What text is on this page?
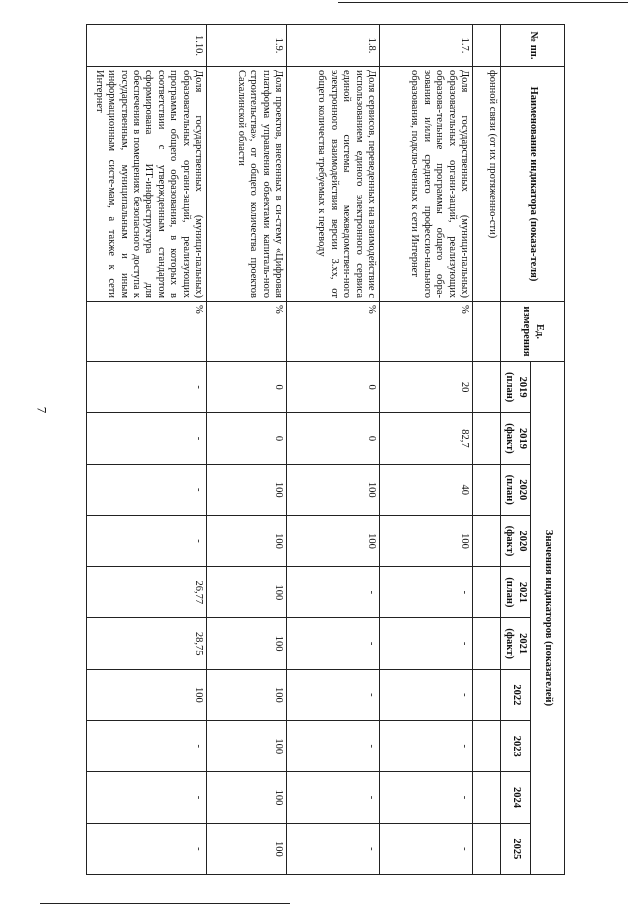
7
№ пп.	Наименование индикатора (показа-теля)	Ед. измерения	Значения индикаторов (показателей)									
			2019 (план)	2019 (факт)	2020 (план)	2020 (факт)	2021 (план)	2021 (факт)	2022	2023	2024	2025
	фонной связи (от их протяженно-сти)											
1.7.	Доля государственных (муници-пальных) образовательных органи-заций, реализующих образова-тельные программы общего обра-зования и/или среднего профессио-нального образования, подклю-ченных к сети Интернет	%	20	82,7	40	100	-	-	-	-	-	-
1.8.	Доля сервисов, переведенных на взаимодействие с использованием единого электронного сервиса единой системы межведомствен-ного электронного взаимодействия версии 3.хх, от общего количества требуемых к переводу	%	0	0	100	100	-	-	-	-	-	-
1.9.	Доля проектов, внесенных в си-стему «Цифровая платформа управления объектами капиталь-ного строительства», от общего количества проектов Сахалинской области	%	0	0	100	100	100	100	100	100	100	100
1.10.	Доля государственных (муници-пальных) образовательных органи-заций, реализующих программы общего образования, в которых в соответствии с утвержденным стандартом сформирована ИТ-инфраструктура для обеспечения в помещениях безопасного доступа к государственным, муниципальным и иным информационным систе-мам, а также к сети Интернет	%	-	-	-	-	26,77	28,75	100	-	-	-
